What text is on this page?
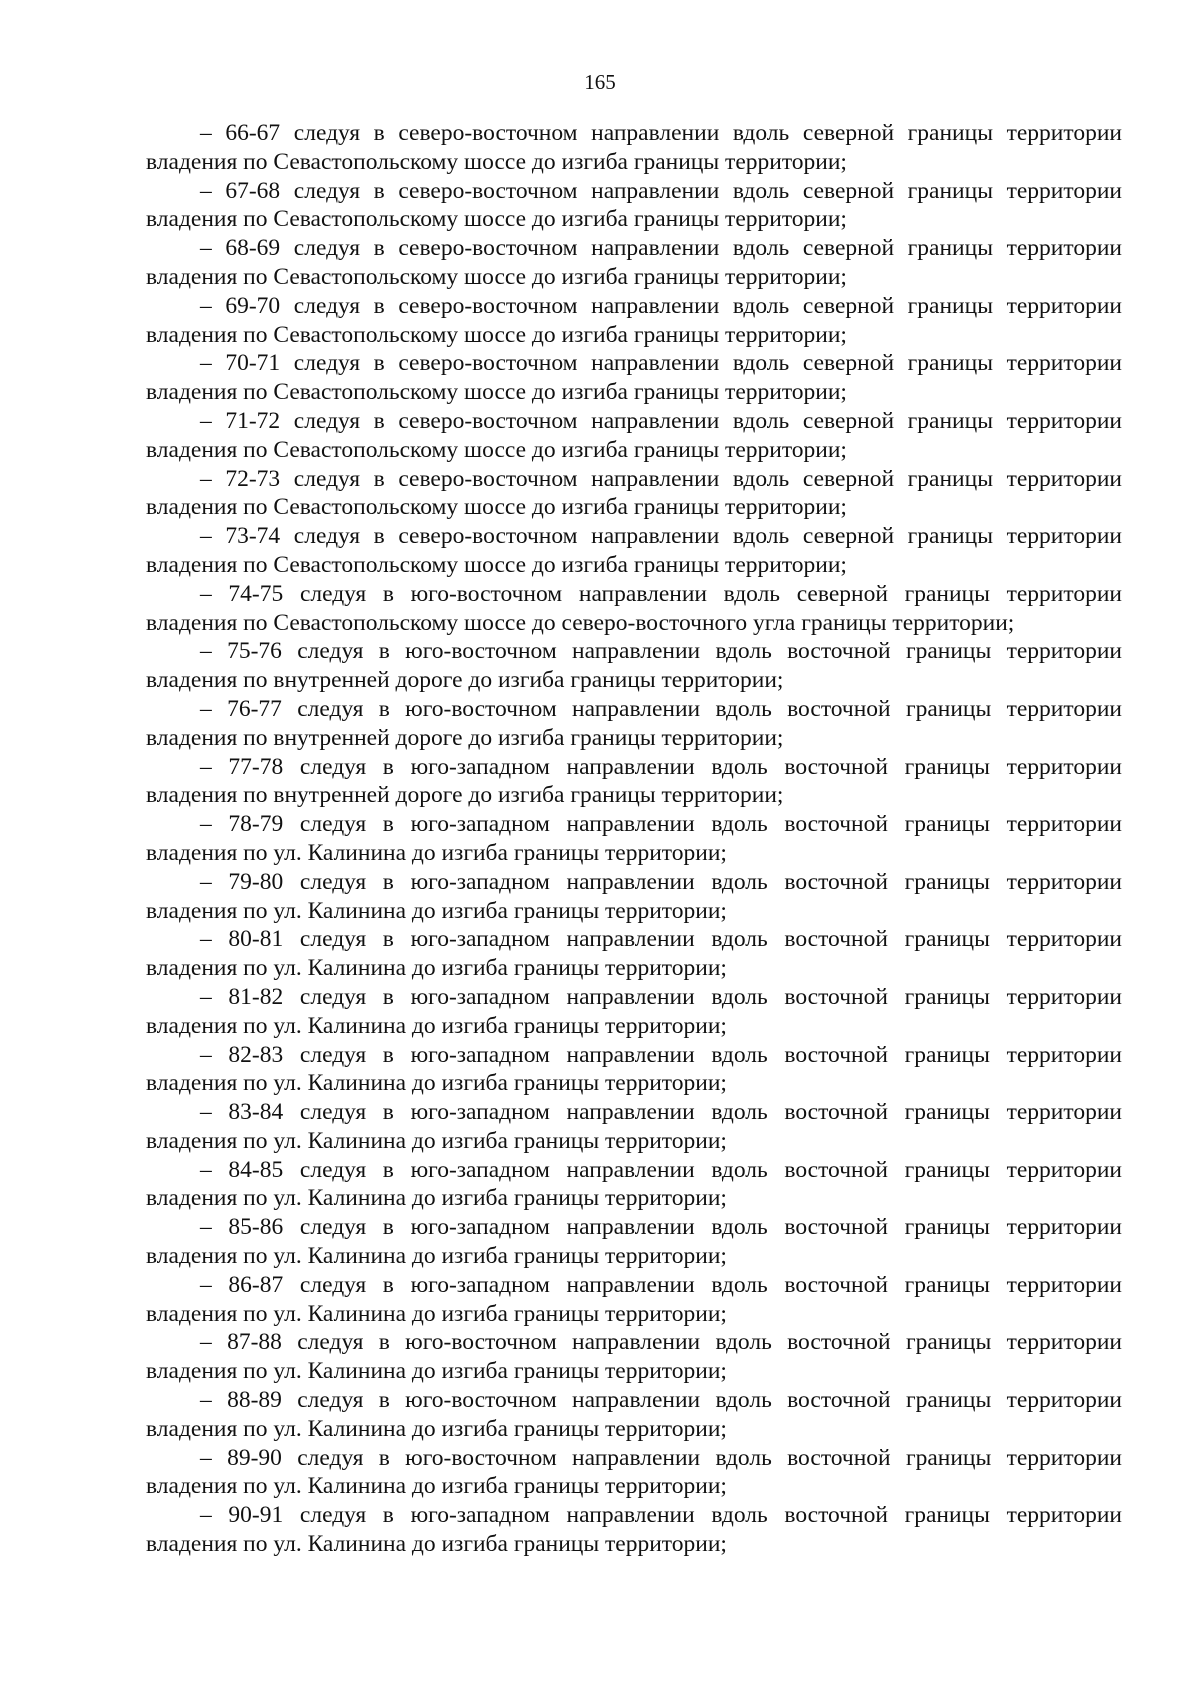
165

– 66-67 следуя в северо-восточном направлении вдоль северной границы территории
владения по Севастопольскому шоссе до изгиба границы территории;

– 67-68 следуя в северо-восточном направлении вдоль северной границы территории
владения по Севастопольскому шоссе до изгиба границы территории;

– 68-69 следуя в северо-восточном направлении вдоль северной границы территории
владения по Севастопольскому шоссе до изгиба границы территории;

– 69-70 следуя в северо-восточном направлении вдоль северной границы территории
владения по Севастопольскому шоссе до изгиба границы территории;

– 70-71 следуя в северо-восточном направлении вдоль северной границы территории
владения по Севастопольскому шоссе до изгиба границы территории;

– 71-72 следуя в северо-восточном направлении вдоль северной границы территории
владения по Севастопольскому шоссе до изгиба границы территории;

– 72-73 следуя в северо-восточном направлении вдоль северной границы территории
владения по Севастопольскому шоссе до изгиба границы территории;

– 73-74 следуя в северо-восточном направлении вдоль северной границы территории
владения по Севастопольскому шоссе до изгиба границы территории;

– 74-75 следуя в юго-восточном направлении вдоль северной границы территории
владения по Севастопольскому шоссе до северо-восточного угла границы территории;

– 75-76 следуя в юго-восточном направлении вдоль восточной границы территории
владения по внутренней дороге до изгиба границы территории;

– 76-77 следуя в юго-восточном направлении вдоль восточной границы территории
владения по внутренней дороге до изгиба границы территории;

– 77-78 следуя в юго-западном направлении вдоль восточной границы территории
владения по внутренней дороге до изгиба границы территории;

– 78-79 следуя в юго-западном направлении вдоль восточной границы территории
владения по ул. Калинина до изгиба границы территории;

– 79-80 следуя в юго-западном направлении вдоль восточной границы территории
владения по ул. Калинина до изгиба границы территории;

– 80-81 следуя в юго-западном направлении вдоль восточной границы территории
владения по ул. Калинина до изгиба границы территории;

– 81-82 следуя в юго-западном направлении вдоль восточной границы территории
владения по ул. Калинина до изгиба границы территории;

– 82-83 следуя в юго-западном направлении вдоль восточной границы территории
владения по ул. Калинина до изгиба границы территории;

– 83-84 следуя в юго-западном направлении вдоль восточной границы территории
владения по ул. Калинина до изгиба границы территории;

– 84-85 следуя в юго-западном направлении вдоль восточной границы территории
владения по ул. Калинина до изгиба границы территории;

– 85-86 следуя в юго-западном направлении вдоль восточной границы территории
владения по ул. Калинина до изгиба границы территории;

– 86-87 следуя в юго-западном направлении вдоль восточной границы территории
владения по ул. Калинина до изгиба границы территории;

– 87-88 следуя в юго-восточном направлении вдоль восточной границы территории
владения по ул. Калинина до изгиба границы территории;

– 88-89 следуя в юго-восточном направлении вдоль восточной границы территории
владения по ул. Калинина до изгиба границы территории;

– 89-90 следуя в юго-восточном направлении вдоль восточной границы территории
владения по ул. Калинина до изгиба границы территории;

– 90-91 следуя в юго-западном направлении вдоль восточной границы территории
владения по ул. Калинина до изгиба границы территории;
